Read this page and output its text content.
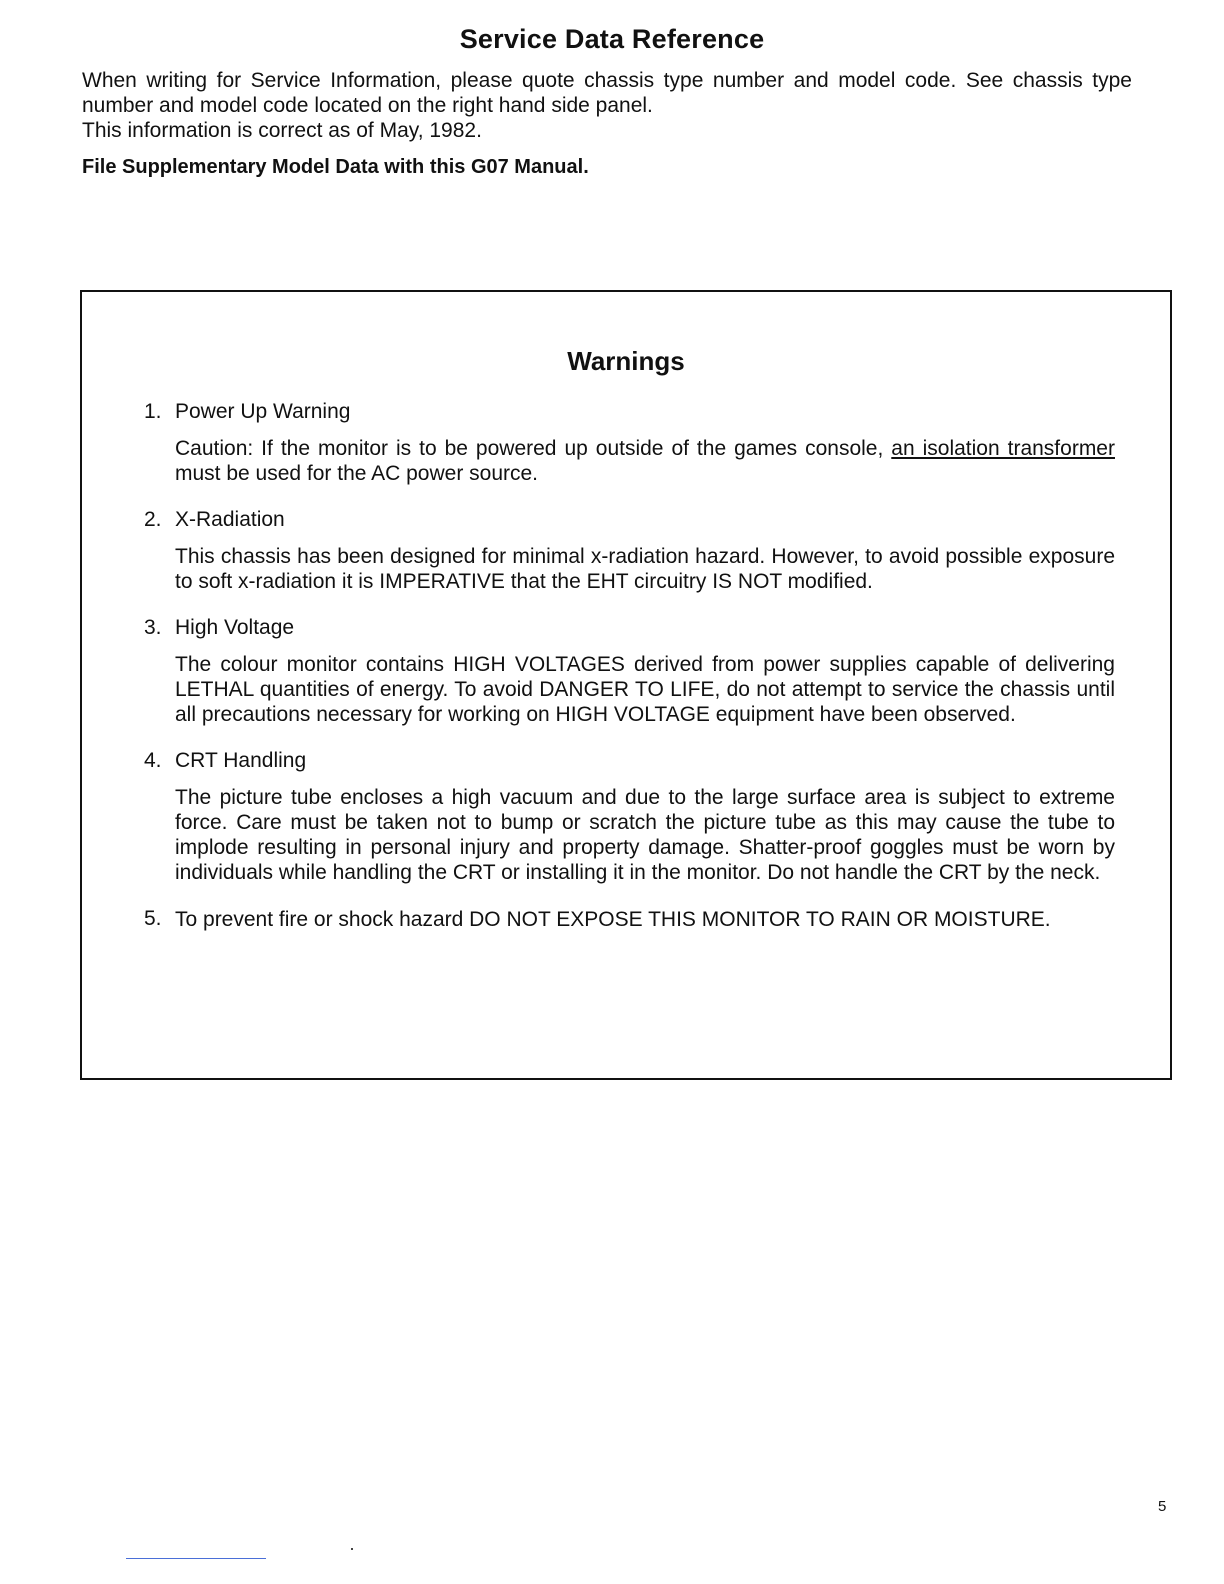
Service Data Reference

When writing for Service Information, please quote chassis type number and model code. See chassis type number and model code located on the right hand side panel.

This information is correct as of May, 1982.

File Supplementary Model Data with this G07 Manual.
Warnings
1. Power Up Warning
Caution: If the monitor is to be powered up outside of the games console, an isolation transformer must be used for the AC power source.
2. X-Radiation
This chassis has been designed for minimal x-radiation hazard. However, to avoid possible exposure to soft x-radiation it is IMPERATIVE that the EHT circuitry IS NOT modified.
3. High Voltage
The colour monitor contains HIGH VOLTAGES derived from power supplies capable of delivering LETHAL quantities of energy. To avoid DANGER TO LIFE, do not attempt to service the chassis until all precautions necessary for working on HIGH VOLTAGE equipment have been observed.
4. CRT Handling
The picture tube encloses a high vacuum and due to the large surface area is subject to extreme force. Care must be taken not to bump or scratch the picture tube as this may cause the tube to implode resulting in personal injury and property damage. Shatter-proof goggles must be worn by individuals while handling the CRT or installing it in the monitor. Do not handle the CRT by the neck.
5. To prevent fire or shock hazard DO NOT EXPOSE THIS MONITOR TO RAIN OR MOISTURE.
5
